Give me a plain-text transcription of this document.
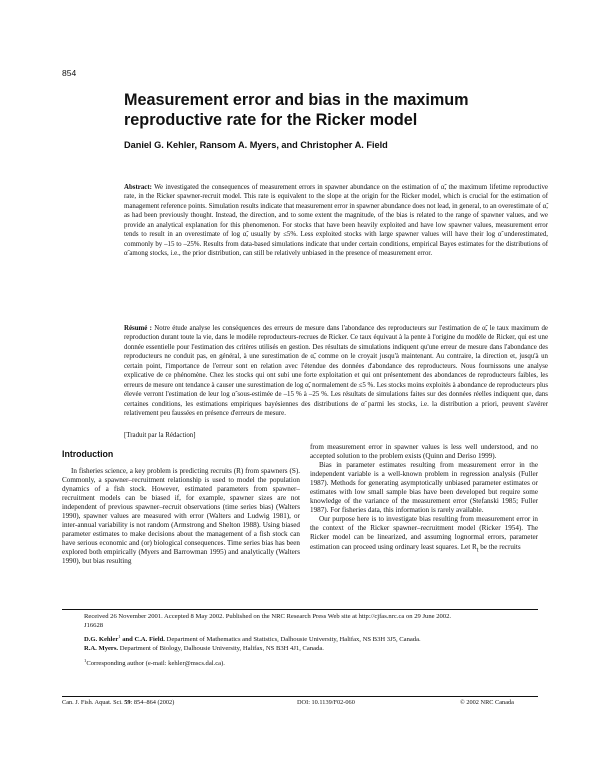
854
Measurement error and bias in the maximum reproductive rate for the Ricker model
Daniel G. Kehler, Ransom A. Myers, and Christopher A. Field

Abstract: We investigated the consequences of measurement errors in spawner abundance on the estimation of α̃, the maximum lifetime reproductive rate, in the Ricker spawner-recruit model. This rate is equivalent to the slope at the origin for the Ricker model, which is crucial for the estimation of management reference points. Simulation results indicate that measurement error in spawner abundance does not lead, in general, to an overestimate of α̃, as had been previously thought. Instead, the direction, and to some extent the magnitude, of the bias is related to the range of spawner values, and we provide an analytical explanation for this phenomenon. For stocks that have been heavily exploited and have low spawner values, measurement error tends to result in an overestimate of log α̃, usually by ≤5%. Less exploited stocks with large spawner values will have their log α̃ underestimated, commonly by –15 to –25%. Results from data-based simulations indicate that under certain conditions, empirical Bayes estimates for the distributions of α̃ among stocks, i.e., the prior distribution, can still be relatively unbiased in the presence of measurement error.

Résumé : Notre étude analyse les conséquences des erreurs de mesure dans l'abondance des reproducteurs sur l'estimation de α̃, le taux maximum de reproduction durant toute la vie, dans le modèle reproducteurs-recrues de Ricker. Ce taux équivaut à la pente à l'origine du modèle de Ricker, qui est une donnée essentielle pour l'estimation des critères utilisés en gestion. Des résultats de simulations indiquent qu'une erreur de mesure dans l'abondance des reproducteurs ne conduit pas, en général, à une surestimation de α̃, comme on le croyait jusqu'à maintenant. Au contraire, la direction et, jusqu'à un certain point, l'importance de l'erreur sont en relation avec l'étendue des données d'abondance des reproducteurs. Nous fournissons une analyse explicative de ce phénomène. Chez les stocks qui ont subi une forte exploitation et qui ont présentement des abondances de reproducteurs faibles, les erreurs de mesure ont tendance à causer une surestimation de log α̃, normalement de ≤5 %. Les stocks moins exploités à abondance de reproducteurs plus élevée verront l'estimation de leur log α̃ sous-estimée de –15 % à –25 %. Les résultats de simulations faites sur des données réelles indiquent que, dans certaines conditions, les estimations empiriques bayésiennes des distributions de α̃ parmi les stocks, i.e. la distribution a priori, peuvent s'avérer relativement peu faussées en présence d'erreurs de mesure.

[Traduit par la Rédaction]
Introduction

In fisheries science, a key problem is predicting recruits (R) from spawners (S). Commonly, a spawner–recruitment relationship is used to model the population dynamics of a fish stock. However, estimated parameters from spawner–recruitment models can be biased if, for example, spawner sizes are not independent of previous spawner–recruit observations (time series bias) (Walters 1990), spawner values are measured with error (Walters and Ludwig 1981), or inter-annual variability is not random (Armstrong and Shelton 1988). Using biased parameter estimates to make decisions about the management of a fish stock can have serious economic and (or) biological consequences. Time series bias has been explored both empirically (Myers and Barrowman 1995) and analytically (Walters 1990), but bias resulting

from measurement error in spawner values is less well understood, and no accepted solution to the problem exists (Quinn and Deriso 1999).

Bias in parameter estimates resulting from measurement error in the independent variable is a well-known problem in regression analysis (Fuller 1987). Methods for generating asymptotically unbiased parameter estimates or estimates with low small sample bias have been developed but require some knowledge of the variance of the measurement error (Stefanski 1985; Fuller 1987). For fisheries data, this information is rarely available.

Our purpose here is to investigate bias resulting from measurement error in the context of the Ricker spawner–recruitment model (Ricker 1954). The Ricker model can be linearized, and assuming lognormal errors, parameter estimation can proceed using ordinary least squares. Let $R_t$ be the recruits

Received 26 November 2001. Accepted 8 May 2002. Published on the NRC Research Press Web site at http://cjfas.nrc.ca on 29 June 2002.

J16628

D.G. Kehler$^1$ and C.A. Field. Department of Mathematics and Statistics, Dalhousie University, Halifax, NS B3H 3J5, Canada.

R.A. Myers. Department of Biology, Dalhousie University, Halifax, NS B3H 4J1, Canada.

$^1$Corresponding author (e-mail: kehler@mscs.dal.ca).

Can. J. Fish. Aquat. Sci. 59: 854–864 (2002)	DOI: 10.1139/F02-060	© 2002 NRC Canada
